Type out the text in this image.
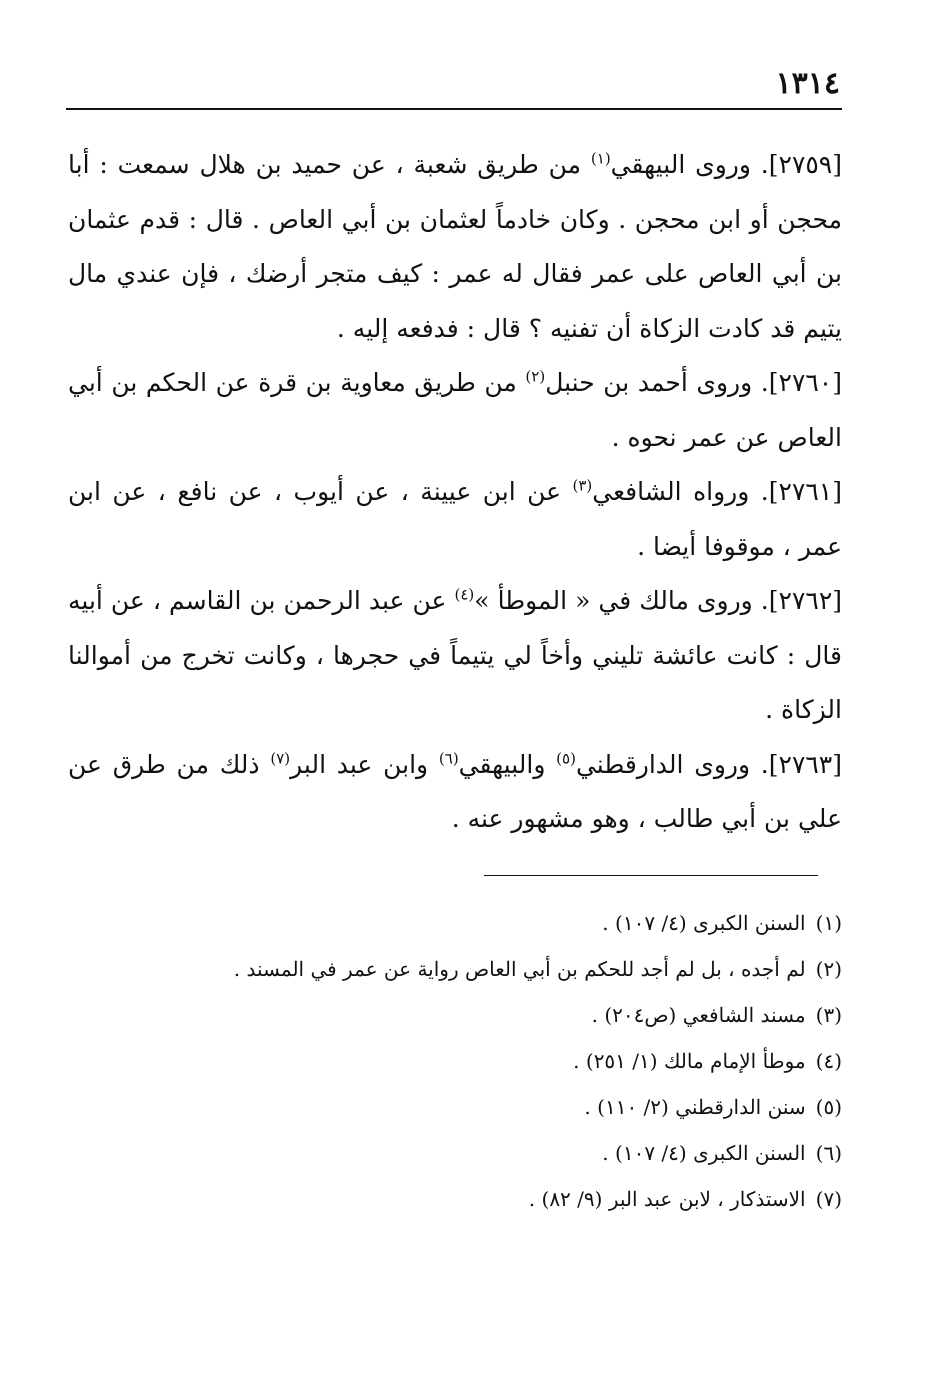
١٣١٤

[٢٧٥٩]. وروى البيهقي$^{(١)}$ من طريق شعبة ، عن حميد بن هلال سمعت : أبا محجن أو ابن محجن . وكان خادماً لعثمان بن أبي العاص . قال : قدم عثمان بن أبي العاص على عمر فقال له عمر : كيف متجر أرضك ، فإن عندي مال يتيم قد كادت الزكاة أن تفنيه ؟ قال : فدفعه إليه .

[٢٧٦٠]. وروى أحمد بن حنبل$^{(٢)}$ من طريق معاوية بن قرة عن الحكم بن أبي العاص عن عمر نحوه .

[٢٧٦١]. ورواه الشافعي$^{(٣)}$ عن ابن عيينة ، عن أيوب ، عن نافع ، عن ابن عمر ، موقوفا أيضا .

[٢٧٦٢]. وروى مالك في « الموطأ »$^{(٤)}$ عن عبد الرحمن بن القاسم ، عن أبيه قال : كانت عائشة تليني وأخاً لي يتيماً في حجرها ، وكانت تخرج من أموالنا الزكاة .

[٢٧٦٣]. وروى الدارقطني$^{(٥)}$ والبيهقي$^{(٦)}$ وابن عبد البر$^{(٧)}$ ذلك من طرق عن علي بن أبي طالب ، وهو مشهور عنه .

(١)السنن الكبرى (٤/ ١٠٧) .
(٢)لم أجده ، بل لم أجد للحكم بن أبي العاص رواية عن عمر في المسند .
(٣)مسند الشافعي (ص٢٠٤) .
(٤)موطأ الإمام مالك (١/ ٢٥١) .
(٥)سنن الدارقطني (٢/ ١١٠) .
(٦)السنن الكبرى (٤/ ١٠٧) .
(٧)الاستذكار ، لابن عبد البر (٩/ ٨٢) .
